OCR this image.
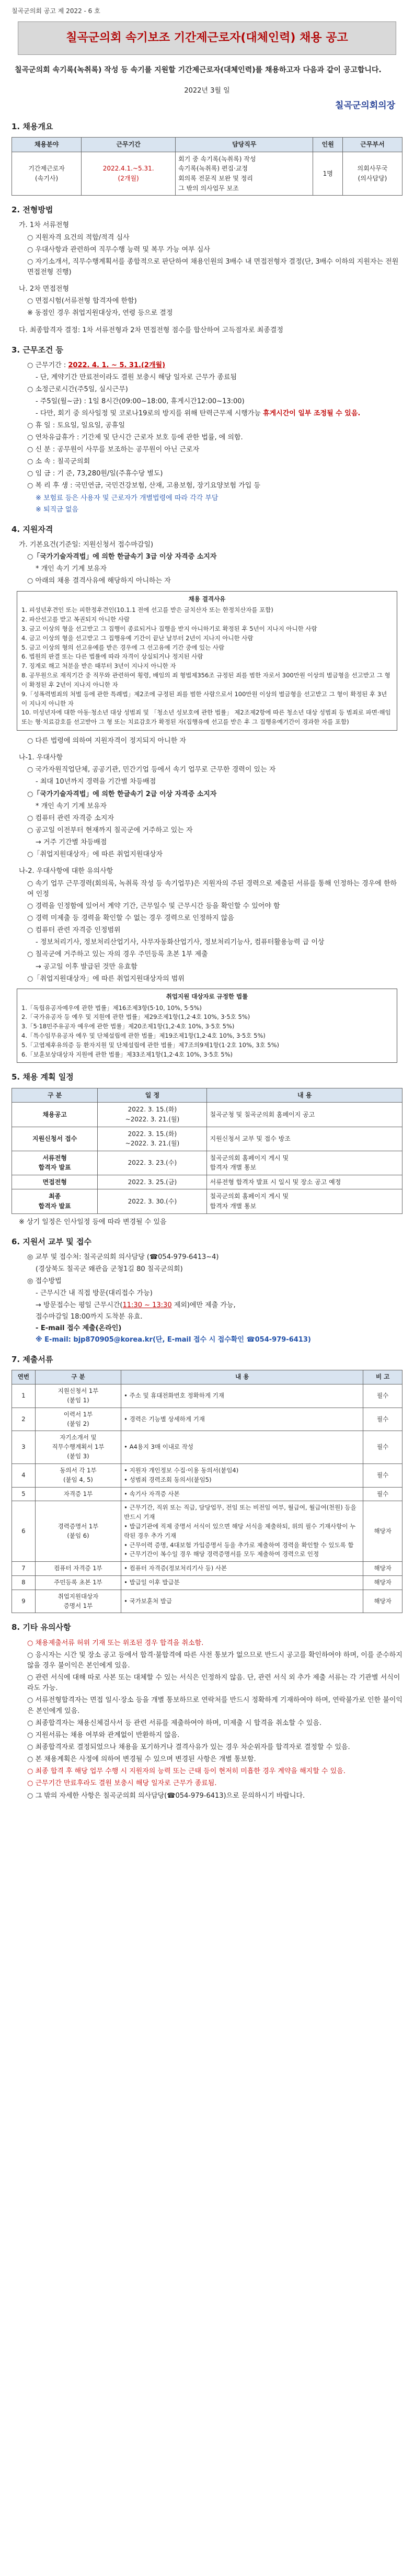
칠곡군의회 공고 제 2022 - 6 호
칠곡군의회 속기보조 기간제근로자(대체인력) 채용 공고
칠곡군의회 속기록(녹취록) 작성 등 속기를 지원할 기간제근로자(대체인력)를 채용하고자 다음과 같이 공고합니다.
2022년 3월 일
칠곡군의회의장
1. 채용개요
채용분야	근무기간	담당직무	인원	근무부서
기간제근로자
(속기사)	2022.4.1.~5.31.
(2개월)	회기 중 속기록(녹취록) 작성
속기록(녹취록) 편집·교정
회의록 전문직 보완 및 정리
그 밖의 의사업무 보조	1명	의회사무국
(의사담당)
2. 전형방법
가. 1차 서류전형
○ 지원자격 요건의 적합/적격 심사
○ 우대사항과 관련하여 직무수행 능력 및 복무 가능 여부 심사
○ 자기소개서, 직무수행계획서를 종합적으로 판단하여 채용인원의 3배수 내 면접전형자 결정(단, 3배수 이하의 지원자는 전원 면접전형 진행)
나. 2차 면접전형
○ 면접시험(서류전형 합격자에 한함)
※ 동점인 경우 취업지원대상자, 연령 등으로 결정
다. 최종합격자 결정: 1차 서류전형과 2차 면접전형 점수를 합산하여 고득점자로 최종결정
3. 근무조건 등
○ 근무기간 : 2022. 4. 1. ~ 5. 31.(2개월)
- 단, 계약기간 만료전이라도 결원 보충시 해당 일자로 근무가 종료됨
○ 소정근로시간(주5일, 실시근무)
- 주5일(월~금) : 1일 8시간(09:00~18:00, 휴게시간12:00~13:00)
- 다만, 회기 중 의사일정 및 코로나19로의 방지를 위해 탄력근무제 시행가능 휴게시간이 일부 조정될 수 있음.
○ 휴 일 : 토요일, 일요일, 공휴일
○ 연차유급휴가 : 기간제 및 단시간 근로자 보호 등에 관한 법률, 에 의함.
○ 신 분 : 공무원이 사무를 보조하는 공무원이 아닌 근로자
○ 소 속 : 칠곡군의회
○ 임 금 : 기 준, 73,280원/일(주휴수당 별도)
○ 복 리 후 생 : 국민연금, 국민건강보험, 산재, 고용보험, 장기요양보험 가입 등
※ 보험료 등은 사용자 및 근로자가 개별법령에 따라 각각 부담
※ 퇴직금 없음
4. 지원자격
가. 기본요건(기준일: 지원신청서 접수마감일)
○「국가기술자격법」에 의한 한글속기 3급 이상 자격증 소지자
* 개인 속기 기계 보유자
○ 아래의 채용 결격사유에 해당하지 아니하는 자
채용 결격사유
1. 피성년후견인 또는 피한정후견인(10.1.1 전에 선고를 받은 금치산자 또는 한정치산자를 포함)
2. 파산선고를 받고 복권되지 아니한 사람
3. 금고 이상의 형을 선고받고 그 집행이 종료되거나 집행을 받지 아니하기로 확정된 후 5년이 지나지 아니한 사람
4. 금고 이상의 형을 선고받고 그 집행유예 기간이 끝난 날부터 2년이 지나지 아니한 사람
5. 금고 이상의 형의 선고유예를 받은 경우에 그 선고유예 기간 중에 있는 사람
6. 법원의 판결 또는 다른 법률에 따라 자격이 상실되거나 정지된 사람
7. 징계로 해고 처분을 받은 때부터 3년이 지나지 아니한 자
8. 공무원으로 재직기간 중 직무와 관련하여 횡령, 배임의 죄 형법제356조 규정된 죄를 범한 자로서 300만원 이상의 벌금형을 선고받고 그 형이 확정된 후 2년이 지나지 아니한 자
9.「성폭력범죄의 처벌 등에 관한 특례법」제2조에 규정된 죄를 범한 사람으로서 100만원 이상의 벌금형을 선고받고 그 형이 확정된 후 3년이 지나지 아니한 자
10. 미성년자에 대한 아동·청소년 대상 성범죄 및 「청소년 성보호에 관한 법률」 제2조제2항에 따른 청소년 대상 성범죄 등 범죄로 파면·해임 또는 형·치료감호를 선고받아 그 형 또는 치료감호가 확정된 자(집행유예 선고를 받은 후 그 집행유예기간이 경과한 자를 포함)
○ 다른 법령에 의하여 지원자격이 정지되지 아니한 자
나-1. 우대사항
○ 국가자원직업단체, 공공기관, 민간기업 등에서 속기 업무로 근무한 경력이 있는 자
- 최대 10년까지 경력을 기간별 차등배점
○「국가기술자격법」에 의한 한글속기 2급 이상 자격증 소지자
* 개인 속기 기계 보유자
○ 컴퓨터 관련 자격증 소지자
○ 공고일 이전부터 현재까지 칠곡군에 거주하고 있는 자
→ 거주 기간별 차등배점
○「취업지원대상자」에 따른 취업지원대상자
나-2. 우대사항에 대한 유의사항
○ 속기 업무 근무경력(회의록, 녹취록 작성 등 속기업무)은 지원자의 주된 경력으로 제출된 서류를 통해 인정하는 경우에 한하여 인정
○ 경력을 인정함에 있어서 계약 기간, 근무일수 및 근무시간 등을 확인할 수 있어야 함
○ 경력 미제출 등 경력을 확인할 수 없는 경우 경력으로 인정하지 않음
○ 컴퓨터 관련 자격증 인정범위
- 정보처리기사, 정보처리산업기사, 사무자동화산업기사, 정보처리기능사, 컴퓨터활용능력 급 이상
○ 칠곡군에 거주하고 있는 자의 경우 주민등록 초본 1부 제출
→ 공고일 이후 발급된 것만 유효함
○「취업지원대상자」에 따른 취업지원대상자의 범위
취업지원 대상자로 규정한 법률
1.「독립유공자예우에 관한 법률」제16조제3항(5·10, 10%, 5·5%)
2.「국가유공자 등 예우 및 지원에 관한 법률」제29조제1항(1,2·4호 10%, 3·5호 5%)
3.「5·18민주유공자 예우에 관한 법률」제20조제1항(1,2·4호 10%, 3·5호 5%)
4.「특수임무유공자 예우 및 단체설립에 관한 법률」제19조제1항(1,2·4호 10%, 3·5호 5%)
5.「고엽제후유의증 등 환자지원 및 단체설립에 관한 법률」제7조의9제1항(1·2호 10%, 3호 5%)
6.「보훈보상대상자 지원에 관한 법률」제33조제1항(1,2·4호 10%, 3·5호 5%)
5. 채용 계획 일정
구 분	일 정	내 용
채용공고	2022. 3. 15.(화)
~2022. 3. 21.(월)	칠곡군청 및 칠곡군의회 홈페이지 공고
지원신청서 접수	2022. 3. 15.(화)
~2022. 3. 21.(월)	지원신청서 교부 및 접수 방조
서류전형
합격자 발표	2022. 3. 23.(수)	칠곡군의회 홈페이지 게시 및
합격자 개별 통보
면접전형	2022. 3. 25.(금)	서류전형 합격자 발표 시 일시 및 장소 공고 예정
최종
합격자 발표	2022. 3. 30.(수)	칠곡군의회 홈페이지 게시 및
합격자 개별 통보
※ 상기 일정은 인사일정 등에 따라 변경될 수 있음
6. 지원서 교부 및 접수
◎ 교부 및 접수처: 칠곡군의회 의사담당 (☎054-979-6413~4)
(경상북도 칠곡군 왜관읍 군청1길 80 칠곡군의회)
◎ 접수방법
- 근무시간 내 직접 방문(대리접수 가능)
→ 방문접수는 평일 근무시간(11:30 ~ 13:30 제외)에만 제출 가능,
접수마감일 18:00까지 도착분 유효.
- E-mail 접수 제출(온라인)
※ E-mail: bjp870905@korea.kr(단, E-mail 접수 시 접수확인 ☎054-979-6413)
7. 제출서류
연번	구 분	내 용	비 고
1	지원신청서 1부
(붙임 1)	• 주소 및 휴대전화번호 정확하게 기재	필수
2	이력서 1부
(붙임 2)	• 경력은 기능별 상세하게 기재	필수
3	자기소개서 및
직무수행계획서 1부
(붙임 3)	• A4용지 3매 이내로 작성	필수
4	동의서 각 1부
(붙임 4, 5)	• 지원자 개인정보 수집·이용 동의서(붙임4)
• 성범죄 경력조회 동의서(붙임5)	필수
5	자격증 1부	• 속기사 자격증 사본	필수
6	경력증명서 1부
(붙임 6)	• 근무기간, 직위 또는 직급, 담당업무, 전임 또는 비전임 여부, 월급여, 월급여(천원) 등을 반드시 기재
• 발급기관에 직제 중명서 서식이 있으면 해당 서식을 제출하되, 위의 필수 기재사항이 누락된 경우 추가 기재
• 근무이력 증명, 4대보험 가입증명서 등을 추가로 제출하여 경력을 확인할 수 있도록 함
• 근무기간이 복수일 경우 해당 경력증명서를 모두 제출하여 경력으로 인정	해당자
7	컴퓨터 자격증 1부	• 컴퓨터 자격증(정보처리기사 등) 사본	해당자
8	주민등록 초본 1부	• 발급일 이후 발급분	해당자
9	취업지원대상자
증명서 1부	• 국가보훈처 발급	해당자
8. 기타 유의사항
○ 채용제출서류 허위 기재 또는 위조된 경우 합격을 취소함.
○ 응시자는 시간 및 장소 공고 등에서 합격·불합격에 따른 사전 통보가 없으므로 반드시 공고를 확인하여야 하며, 이를 준수하지 않을 경우 불이익은 본인에게 있음.
○ 관련 서식에 대해 따로 사본 또는 대체할 수 있는 서식은 인정하지 않음. 단, 관련 서식 외 추가 제출 서류는 각 기관별 서식이라도 가능.
○ 서류전형합격자는 면접 일시·장소 등을 개별 통보하므로 연락처를 반드시 정확하게 기재하여야 하며, 연락불가로 인한 불이익은 본인에게 있음.
○ 최종합격자는 채용신체검사서 등 관련 서류를 제출하여야 하며, 미제출 시 합격을 취소할 수 있음.
○ 지원서류는 채용 여부와 관계없이 반환하지 않음.
○ 최종합격자로 결정되었으나 채용을 포기하거나 결격사유가 있는 경우 차순위자를 합격자로 결정할 수 있음.
○ 본 채용계획은 사정에 의하여 변경될 수 있으며 변경된 사항은 개별 통보함.
○ 최종 합격 후 해당 업무 수행 시 지원자의 능력 또는 근태 등이 현저히 미흡한 경우 계약을 해지할 수 있음.
○ 근무기간 만료후라도 결원 보충시 해당 일자로 근무가 종료됨.
○ 그 밖의 자세한 사항은 칠곡군의회 의사담당(☎054-979-6413)으로 문의하시기 바랍니다.
